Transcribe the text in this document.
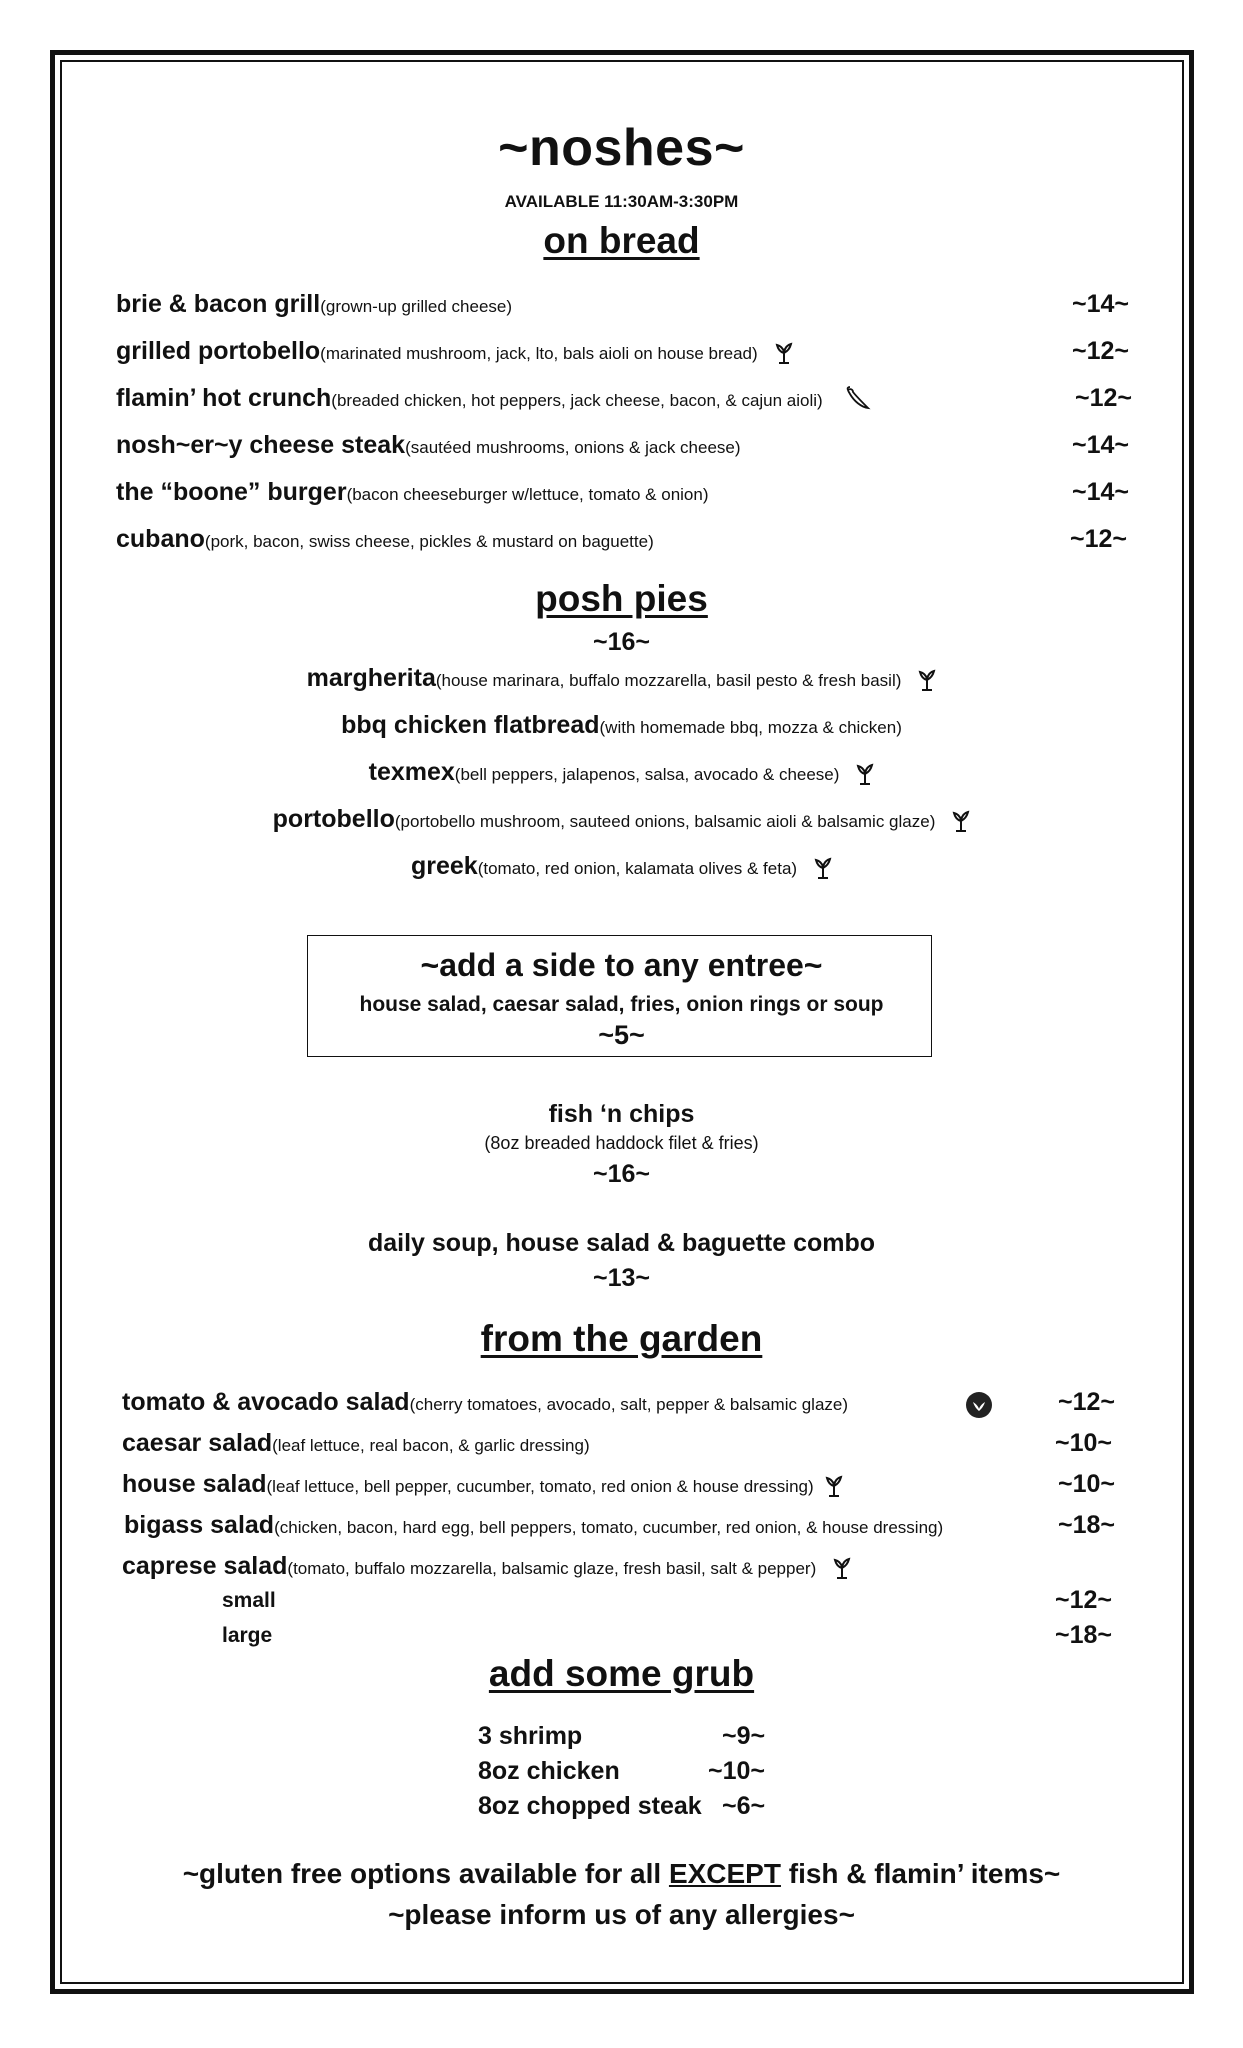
~noshes~
AVAILABLE 11:30AM-3:30PM
on bread
brie & bacon grill(grown-up grilled cheese)	~14~
grilled portobello(marinated mushroom, jack, lto, bals aioli on house bread)	~12~
flamin’ hot crunch(breaded chicken, hot peppers, jack cheese, bacon, & cajun aioli)	~12~
nosh~er~y cheese steak(sautéed mushrooms, onions & jack cheese)	~14~
the “boone” burger(bacon cheeseburger w/lettuce, tomato & onion)	~14~
cubano(pork, bacon, swiss cheese, pickles & mustard on baguette)	~12~
posh pies
~16~
margherita(house marinara, buffalo mozzarella, basil pesto & fresh basil)
bbq chicken flatbread(with homemade bbq, mozza & chicken)
texmex(bell peppers, jalapenos, salsa, avocado & cheese)
portobello(portobello mushroom, sauteed onions, balsamic aioli & balsamic glaze)
greek(tomato, red onion, kalamata olives & feta)
~add a side to any entree~
house salad, caesar salad, fries, onion rings or soup
~5~
fish ‘n chips
(8oz breaded haddock filet & fries)
~16~
daily soup, house salad & baguette combo
~13~
from the garden
tomato & avocado salad(cherry tomatoes, avocado, salt, pepper & balsamic glaze)	~12~
caesar salad(leaf lettuce, real bacon, & garlic dressing)	~10~
house salad(leaf lettuce, bell pepper, cucumber, tomato, red onion & house dressing)	~10~
bigass salad(chicken, bacon, hard egg, bell peppers, tomato, cucumber, red onion, & house dressing)	~18~
caprese salad(tomato, buffalo mozzarella, balsamic glaze, fresh basil, salt & pepper)
small	~12~
large	~18~
add some grub
3 shrimp	~9~
8oz chicken	~10~
8oz chopped steak ~6~
~gluten free options available for all EXCEPT fish & flamin’ items~
~please inform us of any allergies~
